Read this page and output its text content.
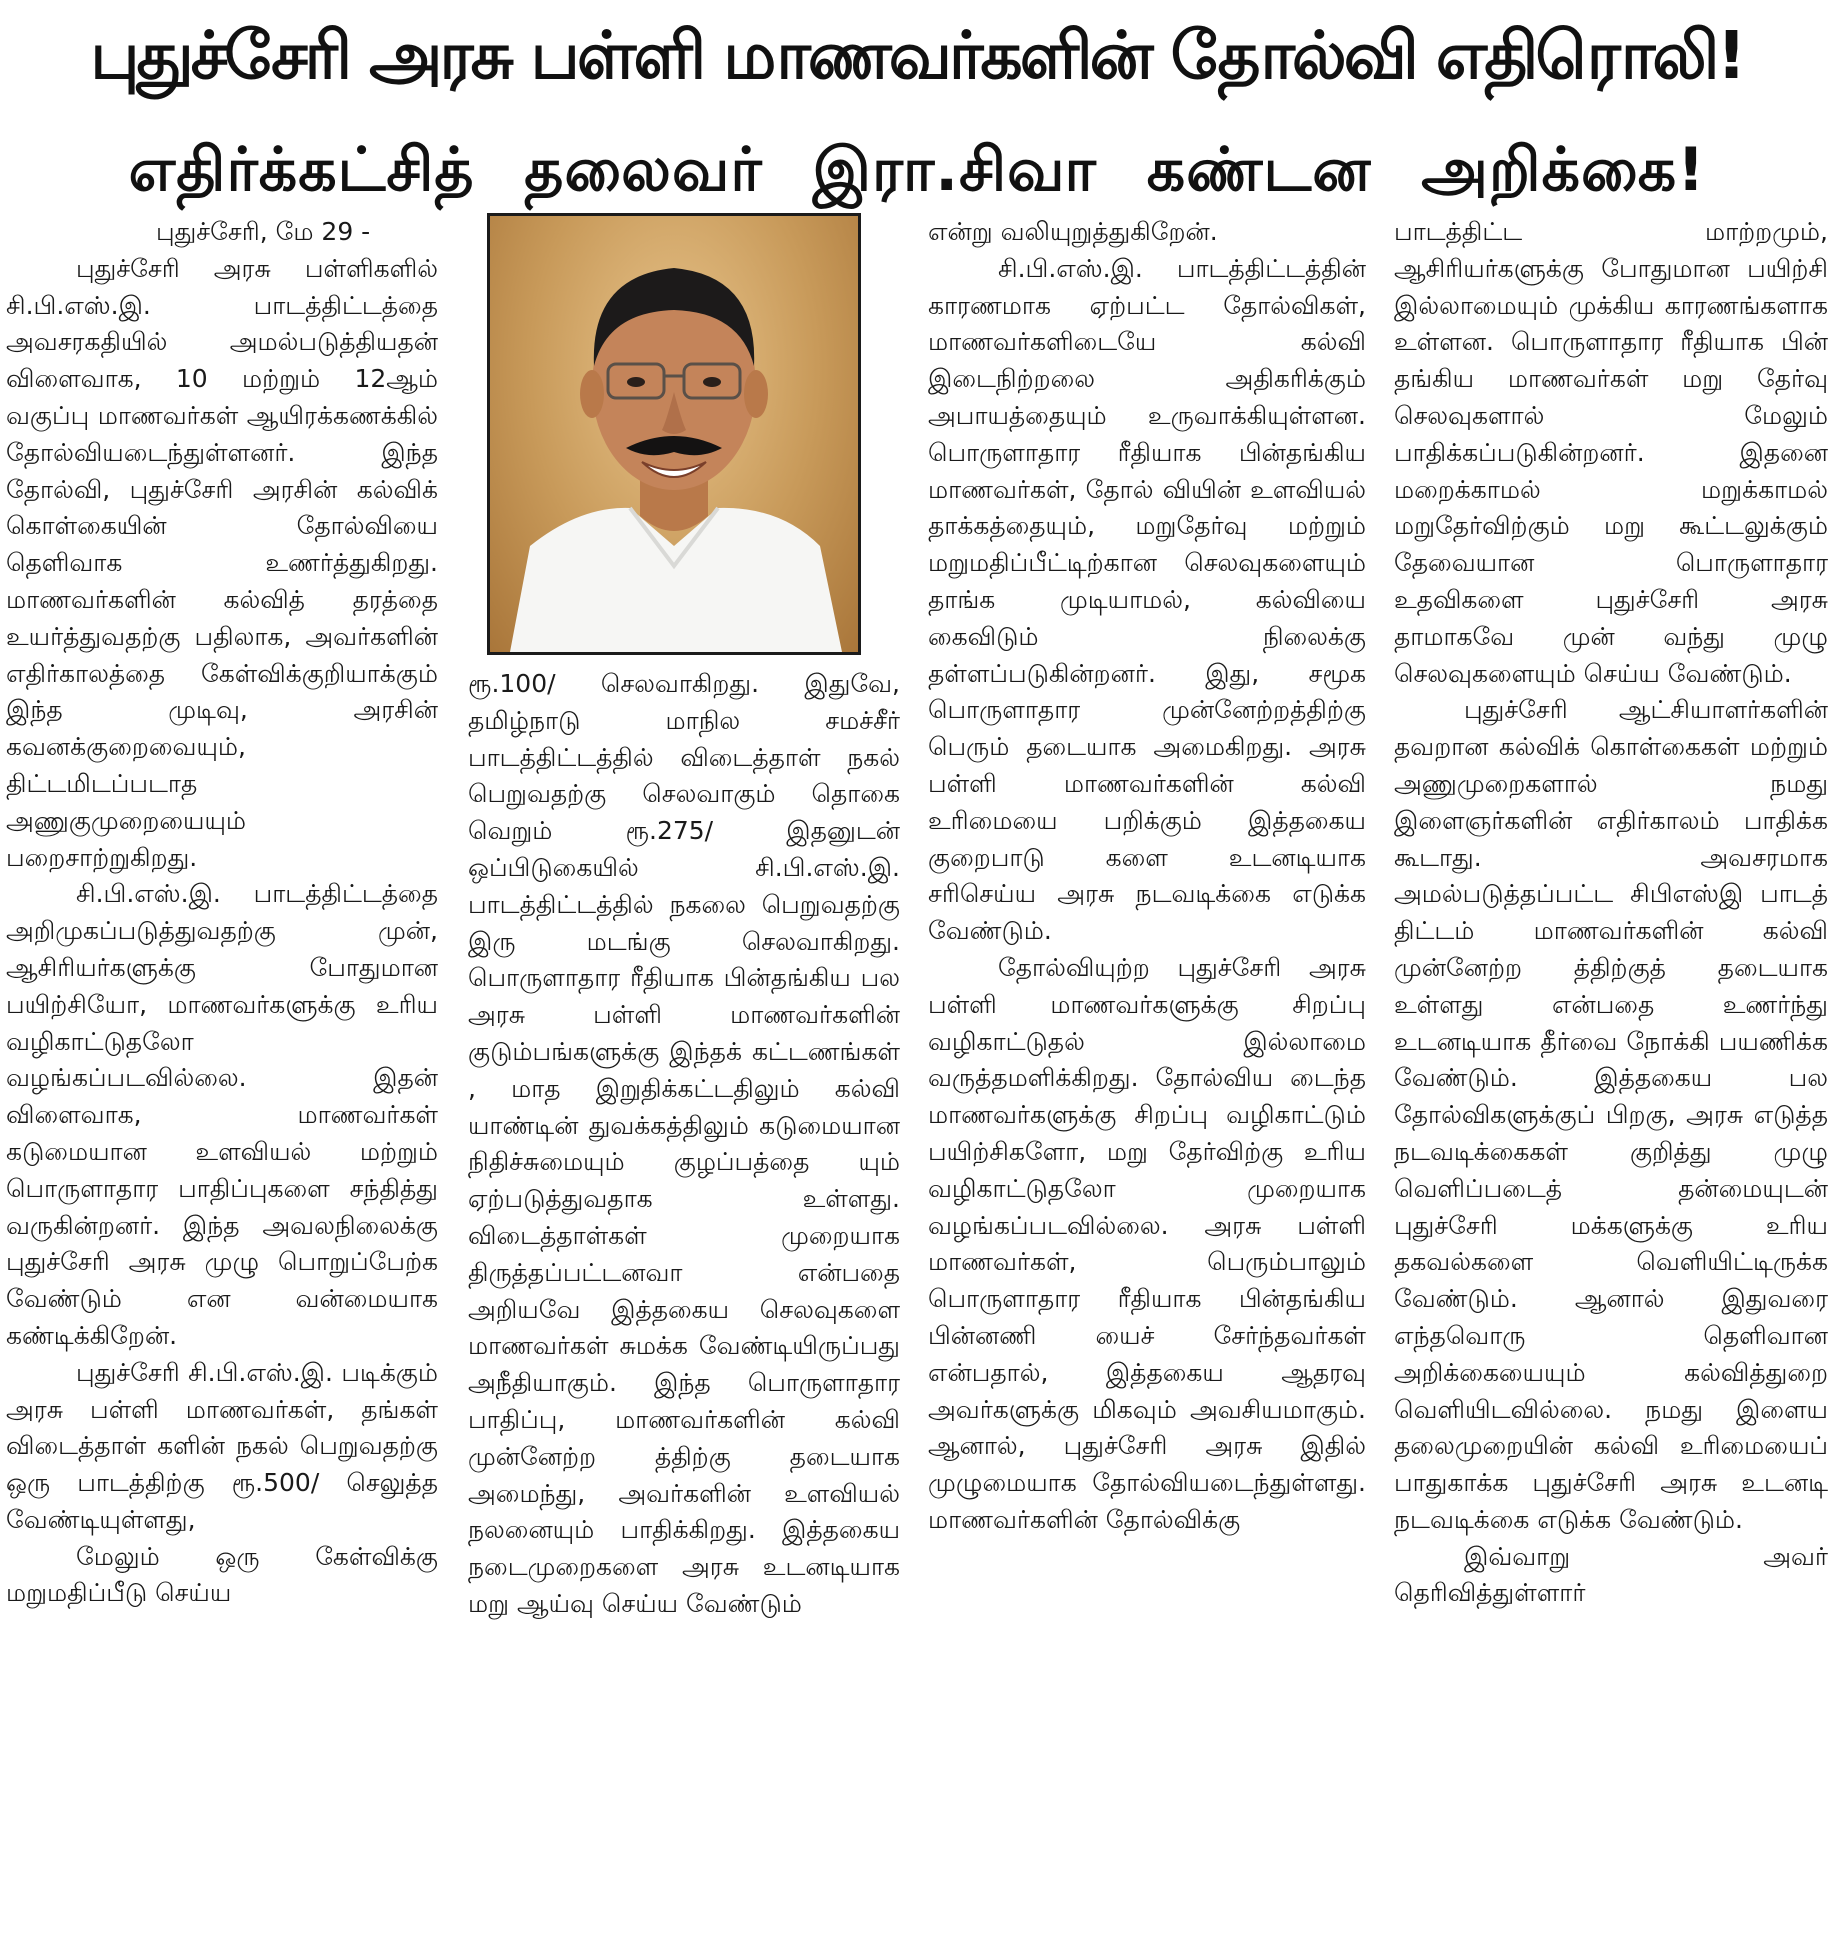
புதுச்சேரி அரசு பள்ளி மாணவர்களின் தோல்வி எதிரொலி!
எதிர்க்கட்சித் தலைவர் இரா.சிவா கண்டன அறிக்கை!

புதுச்சேரி, மே 29 -

புதுச்சேரி அரசு பள்ளிகளில் சி.பி.எஸ்.இ. பாடத்திட்டத்தை அவசரகதியில் அமல்படுத்தியதன் விளைவாக, 10 மற்றும் 12ஆம் வகுப்பு மாணவர்கள் ஆயிரக்கணக்கில் தோல்வியடைந்துள்ளனர். இந்த தோல்வி, புதுச்சேரி அரசின் கல்விக் கொள்கையின் தோல்வியை தெளிவாக உணர்த்துகிறது. மாணவர்களின் கல்வித் தரத்தை உயர்த்துவதற்கு பதிலாக, அவர்களின் எதிர்காலத்தை கேள்விக்குறியாக்கும் இந்த முடிவு, அரசின் கவனக்குறைவையும், திட்டமிடப்படாத அணுகுமுறையையும் பறைசாற்றுகிறது.

சி.பி.எஸ்.இ. பாடத்திட்டத்தை அறிமுகப்படுத்துவதற்கு முன், ஆசிரியர்களுக்கு போதுமான பயிற்சியோ, மாணவர்களுக்கு உரிய வழிகாட்டுதலோ வழங்கப்படவில்லை. இதன் விளைவாக, மாணவர்கள் கடுமையான உளவியல் மற்றும் பொருளாதார பாதிப்புகளை சந்தித்து வருகின்றனர். இந்த அவலநிலைக்கு புதுச்சேரி அரசு முழு பொறுப்பேற்க வேண்டும் என வன்மையாக கண்டிக்கிறேன்.

புதுச்சேரி சி.பி.எஸ்.இ. படிக்கும் அரசு பள்ளி மாணவர்கள், தங்கள் விடைத்தாள் களின் நகல் பெறுவதற்கு ஒரு பாடத்திற்கு ரூ.500/ செலுத்த வேண்டியுள்ளது,

மேலும் ஒரு கேள்விக்கு மறுமதிப்பீடு செய்ய

ரூ.100/ செலவாகிறது. இதுவே, தமிழ்நாடு மாநில சமச்சீர் பாடத்திட்டத்தில் விடைத்தாள் நகல் பெறுவதற்கு செலவாகும் தொகை வெறும் ரூ.275/ இதனுடன் ஒப்பிடுகையில் சி.பி.எஸ்.இ. பாடத்திட்டத்தில் நகலை பெறுவதற்கு இரு மடங்கு செலவாகிறது. பொருளாதார ரீதியாக பின்தங்கிய பல அரசு பள்ளி மாணவர்களின் குடும்பங்களுக்கு இந்தக் கட்டணங்கள் , மாத இறுதிக்கட்டதிலும் கல்வி யாண்டின் துவக்கத்திலும் கடுமையான நிதிச்சுமையும் குழப்பத்தை யும் ஏற்படுத்துவதாக உள்ளது. விடைத்தாள்கள் முறையாக திருத்தப்பட்டனவா என்பதை அறியவே இத்தகைய செலவுகளை மாணவர்கள் சுமக்க வேண்டியிருப்பது அநீதியாகும். இந்த பொருளாதார பாதிப்பு, மாணவர்களின் கல்வி முன்னேற்ற த்திற்கு தடையாக அமைந்து, அவர்களின் உளவியல் நலனையும் பாதிக்கிறது. இத்தகைய நடைமுறைகளை அரசு உடனடியாக மறு ஆய்வு செய்ய வேண்டும்

என்று வலியுறுத்துகிறேன்.

சி.பி.எஸ்.இ. பாடத்திட்டத்தின் காரணமாக ஏற்பட்ட தோல்விகள், மாணவர்களிடையே கல்வி இடைநிற்றலை அதிகரிக்கும் அபாயத்தையும் உருவாக்கியுள்ளன. பொருளாதார ரீதியாக பின்தங்கிய மாணவர்கள், தோல் வியின் உளவியல் தாக்கத்தையும், மறுதேர்வு மற்றும் மறுமதிப்பீட்டிற்கான செலவுகளையும் தாங்க முடியாமல், கல்வியை கைவிடும் நிலைக்கு தள்ளப்படுகின்றனர். இது, சமூக பொருளாதார முன்னேற்றத்திற்கு பெரும் தடையாக அமைகிறது. அரசு பள்ளி மாணவர்களின் கல்வி உரிமையை பறிக்கும் இத்தகைய குறைபாடு களை உடனடியாக சரிசெய்ய அரசு நடவடிக்கை எடுக்க வேண்டும்.

தோல்வியுற்ற புதுச்சேரி அரசு பள்ளி மாணவர்களுக்கு சிறப்பு வழிகாட்டுதல் இல்லாமை வருத்தமளிக்கிறது. தோல்விய டைந்த மாணவர்களுக்கு சிறப்பு வழிகாட்டும் பயிற்சிகளோ, மறு தேர்விற்கு உரிய வழிகாட்டுதலோ முறையாக வழங்கப்படவில்லை. அரசு பள்ளி மாணவர்கள், பெரும்பாலும் பொருளாதார ரீதியாக பின்தங்கிய பின்னணி யைச் சேர்ந்தவர்கள் என்பதால், இத்தகைய ஆதரவு அவர்களுக்கு மிகவும் அவசியமாகும். ஆனால், புதுச்சேரி அரசு இதில் முழுமையாக தோல்வியடைந்துள்ளது. மாணவர்களின் தோல்விக்கு

பாடத்திட்ட மாற்றமும், ஆசிரியர்களுக்கு போதுமான பயிற்சி இல்லாமையும் முக்கிய காரணங்களாக உள்ளன. பொருளாதார ரீதியாக பின் தங்கிய மாணவர்கள் மறு தேர்வு செலவுகளால் மேலும் பாதிக்கப்படுகின்றனர். இதனை மறைக்காமல் மறுக்காமல் மறுதேர்விற்கும் மறு கூட்டலுக்கும் தேவையான பொருளாதார உதவிகளை புதுச்சேரி அரசு தாமாகவே முன் வந்து முழு செலவுகளையும் செய்ய வேண்டும்.

புதுச்சேரி ஆட்சியாளர்களின் தவறான கல்விக் கொள்கைகள் மற்றும் அணுமுறைகளால் நமது இளைஞர்களின் எதிர்காலம் பாதிக்க கூடாது. அவசரமாக அமல்படுத்தப்பட்ட சிபிஎஸ்இ பாடத் திட்டம் மாணவர்களின் கல்வி முன்னேற்ற த்திற்குத் தடையாக உள்ளது என்பதை உணர்ந்து உடனடியாக தீர்வை நோக்கி பயணிக்க வேண்டும். இத்தகைய பல தோல்விகளுக்குப் பிறகு, அரசு எடுத்த நடவடிக்கைகள் குறித்து முழு வெளிப்படைத் தன்மையுடன் புதுச்சேரி மக்களுக்கு உரிய தகவல்களை வெளியிட்டிருக்க வேண்டும். ஆனால் இதுவரை எந்தவொரு தெளிவான அறிக்கையையும் கல்வித்துறை வெளியிடவில்லை. நமது இளைய தலைமுறையின் கல்வி உரிமையைப் பாதுகாக்க புதுச்சேரி அரசு உடனடி நடவடிக்கை எடுக்க வேண்டும்.

இவ்வாறு அவர் தெரிவித்துள்ளார்
